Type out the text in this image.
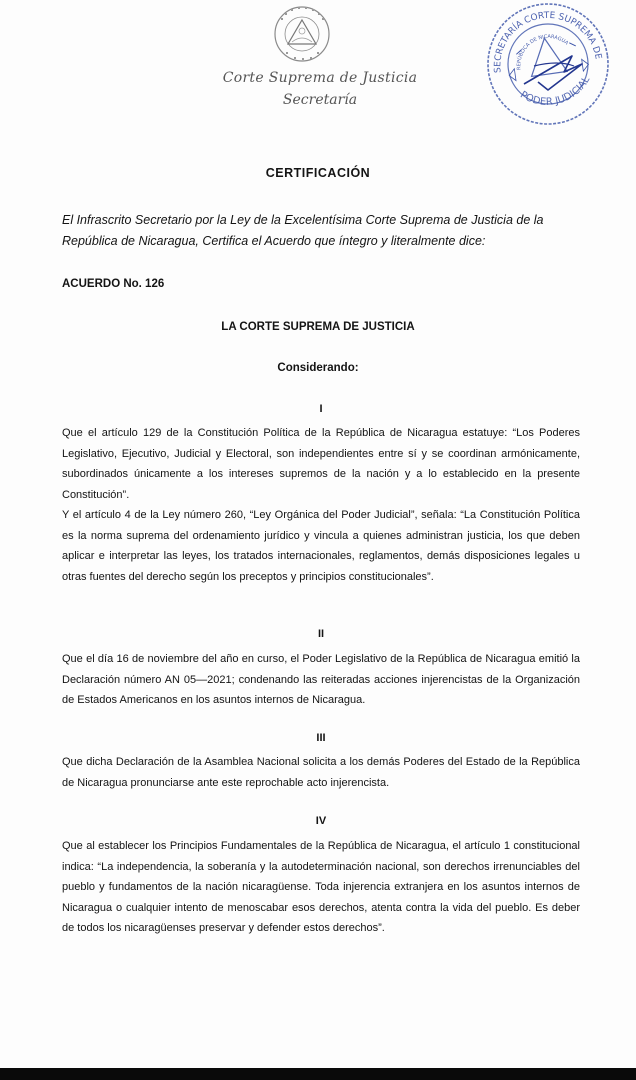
Corte Suprema de Justicia
Secretaría
SECRETARÍA CORTE SUPREMA DE
REPÚBLICA DE NICARAGUA
PODER JUDICIAL
CERTIFICACIÓN

El Infrascrito Secretario por la Ley de la Excelentísima Corte Suprema de Justicia de la República de Nicaragua, Certifica el Acuerdo que íntegro y literalmente dice:

ACUERDO No. 126
LA CORTE SUPREMA DE JUSTICIA
Considerando:
I

Que el artículo 129 de la Constitución Política de la República de Nicaragua estatuye: “Los Poderes Legislativo, Ejecutivo, Judicial y Electoral, son independientes entre sí y se coordinan armónicamente, subordinados únicamente a los intereses supremos de la nación y a lo establecido en la presente Constitución”.

Y el artículo 4 de la Ley número 260, “Ley Orgánica del Poder Judicial”, señala: “La Constitución Política es la norma suprema del ordenamiento jurídico y vincula a quienes administran justicia, los que deben aplicar e interpretar las leyes, los tratados internacionales, reglamentos, demás disposiciones legales u otras fuentes del derecho según los preceptos y principios constitucionales”.

II

Que el día 16 de noviembre del año en curso, el Poder Legislativo de la República de Nicaragua emitió la Declaración número AN 05—2021; condenando las reiteradas acciones injerencistas de la Organización de Estados Americanos en los asuntos internos de Nicaragua.

III

Que dicha Declaración de la Asamblea Nacional solicita a los demás Poderes del Estado de la República de Nicaragua pronunciarse ante este reprochable acto injerencista.

IV

Que al establecer los Principios Fundamentales de la República de Nicaragua, el artículo 1 constitucional indica: “La independencia, la soberanía y la autodeterminación nacional, son derechos irrenunciables del pueblo y fundamentos de la nación nicaragüense. Toda injerencia extranjera en los asuntos internos de Nicaragua o cualquier intento de menoscabar esos derechos, atenta contra la vida del pueblo. Es deber de todos los nicaragüenses preservar y defender estos derechos”.
